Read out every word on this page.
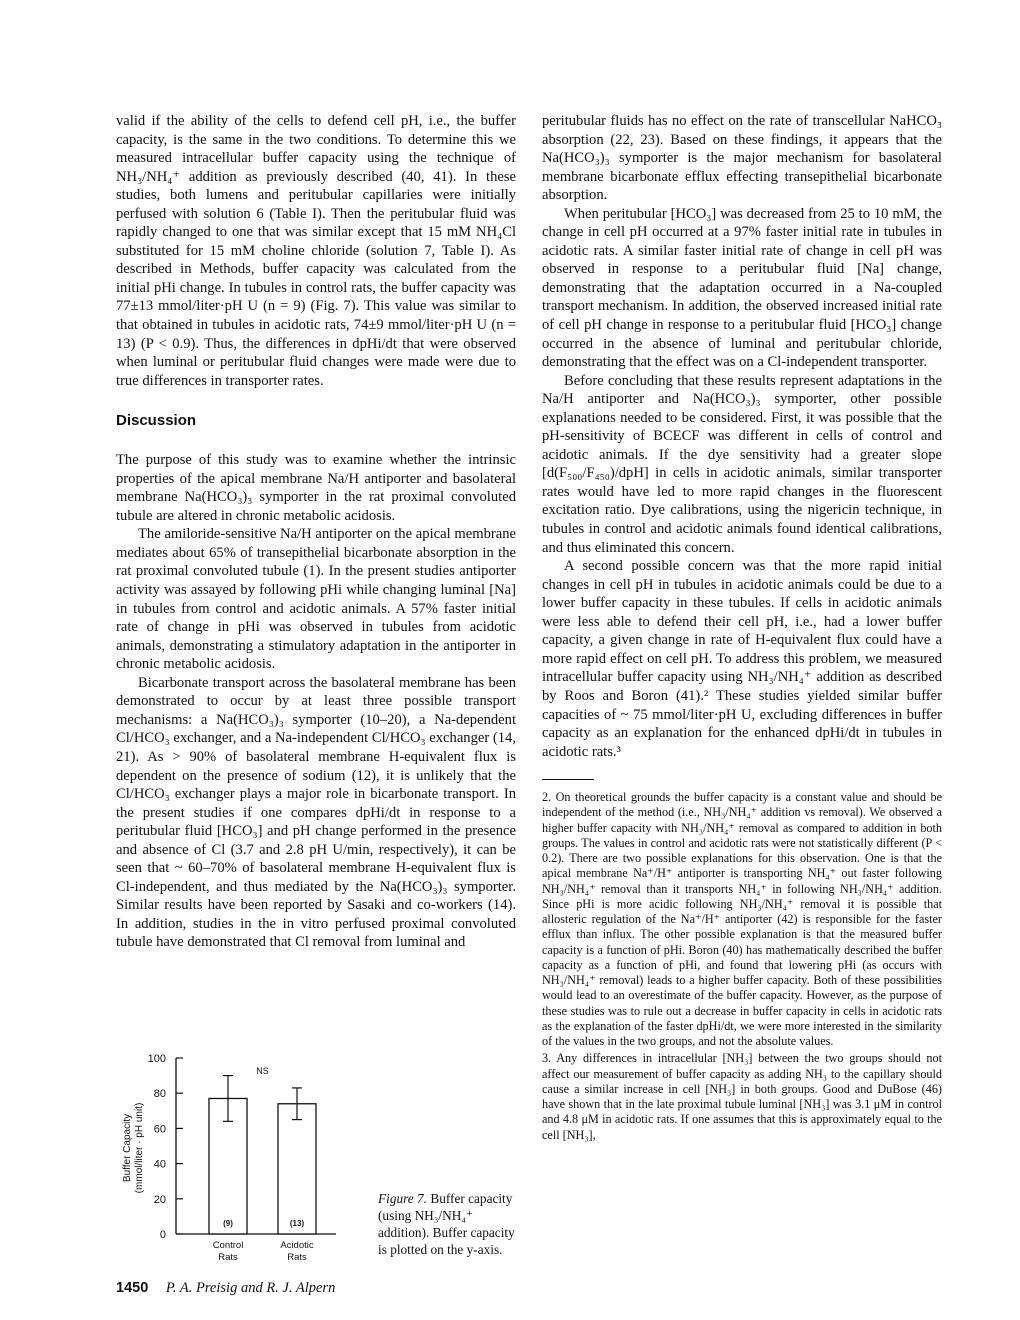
valid if the ability of the cells to defend cell pH, i.e., the buffer capacity, is the same in the two conditions. To determine this we measured intracellular buffer capacity using the technique of NH₃/NH₄⁺ addition as previously described (40, 41). In these studies, both lumens and peritubular capillaries were initially perfused with solution 6 (Table I). Then the peritubular fluid was rapidly changed to one that was similar except that 15 mM NH₄Cl substituted for 15 mM choline chloride (solution 7, Table I). As described in Methods, buffer capacity was calculated from the initial pHi change. In tubules in control rats, the buffer capacity was 77±13 mmol/liter·pH U (n = 9) (Fig. 7). This value was similar to that obtained in tubules in acidotic rats, 74±9 mmol/liter·pH U (n = 13) (P < 0.9). Thus, the differences in dpHi/dt that were observed when luminal or peritubular fluid changes were made were due to true differences in transporter rates.

Discussion

The purpose of this study was to examine whether the intrinsic properties of the apical membrane Na/H antiporter and basolateral membrane Na(HCO₃)₃ symporter in the rat proximal convoluted tubule are altered in chronic metabolic acidosis.

The amiloride-sensitive Na/H antiporter on the apical membrane mediates about 65% of transepithelial bicarbonate absorption in the rat proximal convoluted tubule (1). In the present studies antiporter activity was assayed by following pHi while changing luminal [Na] in tubules from control and acidotic animals. A 57% faster initial rate of change in pHi was observed in tubules from acidotic animals, demonstrating a stimulatory adaptation in the antiporter in chronic metabolic acidosis.

Bicarbonate transport across the basolateral membrane has been demonstrated to occur by at least three possible transport mechanisms: a Na(HCO₃)₃ symporter (10–20), a Na-dependent Cl/HCO₃ exchanger, and a Na-independent Cl/HCO₃ exchanger (14, 21). As > 90% of basolateral membrane H-equivalent flux is dependent on the presence of sodium (12), it is unlikely that the Cl/HCO₃ exchanger plays a major role in bicarbonate transport. In the present studies if one compares dpHi/dt in response to a peritubular fluid [HCO₃] and pH change performed in the presence and absence of Cl (3.7 and 2.8 pH U/min, respectively), it can be seen that ~ 60–70% of basolateral membrane H-equivalent flux is Cl-independent, and thus mediated by the Na(HCO₃)₃ symporter. Similar results have been reported by Sasaki and co-workers (14). In addition, studies in the in vitro perfused proximal convoluted tubule have demonstrated that Cl removal from luminal and

peritubular fluids has no effect on the rate of transcellular NaHCO₃ absorption (22, 23). Based on these findings, it appears that the Na(HCO₃)₃ symporter is the major mechanism for basolateral membrane bicarbonate efflux effecting transepithelial bicarbonate absorption.

When peritubular [HCO₃] was decreased from 25 to 10 mM, the change in cell pH occurred at a 97% faster initial rate in tubules in acidotic rats. A similar faster initial rate of change in cell pH was observed in response to a peritubular fluid [Na] change, demonstrating that the adaptation occurred in a Na-coupled transport mechanism. In addition, the observed increased initial rate of cell pH change in response to a peritubular fluid [HCO₃] change occurred in the absence of luminal and peritubular chloride, demonstrating that the effect was on a Cl-independent transporter.

Before concluding that these results represent adaptations in the Na/H antiporter and Na(HCO₃)₃ symporter, other possible explanations needed to be considered. First, it was possible that the pH-sensitivity of BCECF was different in cells of control and acidotic animals. If the dye sensitivity had a greater slope [d(F₅₀₀/F₄₅₀)/dpH] in cells in acidotic animals, similar transporter rates would have led to more rapid changes in the fluorescent excitation ratio. Dye calibrations, using the nigericin technique, in tubules in control and acidotic animals found identical calibrations, and thus eliminated this concern.

A second possible concern was that the more rapid initial changes in cell pH in tubules in acidotic animals could be due to a lower buffer capacity in these tubules. If cells in acidotic animals were less able to defend their cell pH, i.e., had a lower buffer capacity, a given change in rate of H-equivalent flux could have a more rapid effect on cell pH. To address this problem, we measured intracellular buffer capacity using NH₃/NH₄⁺ addition as described by Roos and Boron (41).² These studies yielded similar buffer capacities of ~ 75 mmol/liter·pH U, excluding differences in buffer capacity as an explanation for the enhanced dpHi/dt in tubules in acidotic rats.³

2. On theoretical grounds the buffer capacity is a constant value and should be independent of the method (i.e., NH₃/NH₄⁺ addition vs removal). We observed a higher buffer capacity with NH₃/NH₄⁺ removal as compared to addition in both groups. The values in control and acidotic rats were not statistically different (P < 0.2). There are two possible explanations for this observation. One is that the apical membrane Na⁺/H⁺ antiporter is transporting NH₄⁺ out faster following NH₃/NH₄⁺ removal than it transports NH₄⁺ in following NH₃/NH₄⁺ addition. Since pHi is more acidic following NH₃/NH₄⁺ removal it is possible that allosteric regulation of the Na⁺/H⁺ antiporter (42) is responsible for the faster efflux than influx. The other possible explanation is that the measured buffer capacity is a function of pHi. Boron (40) has mathematically described the buffer capacity as a function of pHi, and found that lowering pHi (as occurs with NH₃/NH₄⁺ removal) leads to a higher buffer capacity. Both of these possibilities would lead to an overestimate of the buffer capacity. However, as the purpose of these studies was to rule out a decrease in buffer capacity in cells in acidotic rats as the explanation of the faster dpHi/dt, we were more interested in the similarity of the values in the two groups, and not the absolute values.

3. Any differences in intracellular [NH₃] between the two groups should not affect our measurement of buffer capacity as adding NH₃ to the capillary should cause a similar increase in cell [NH₃] in both groups. Good and DuBose (46) have shown that in the late proximal tubule luminal [NH₃] was 3.1 μM in control and 4.8 μM in acidotic rats. If one assumes that this is approximately equal to the cell [NH₃],

0
20
40
60
80
100
Buffer Capacity (mmol/liter · pH unit)
(9)
Control
Rats
(13)
Acidotic
Rats
NS
Figure 7. Buffer capacity (using NH₃/NH₄⁺ addition). Buffer capacity is plotted on the y-axis.
1450 P. A. Preisig and R. J. Alpern
